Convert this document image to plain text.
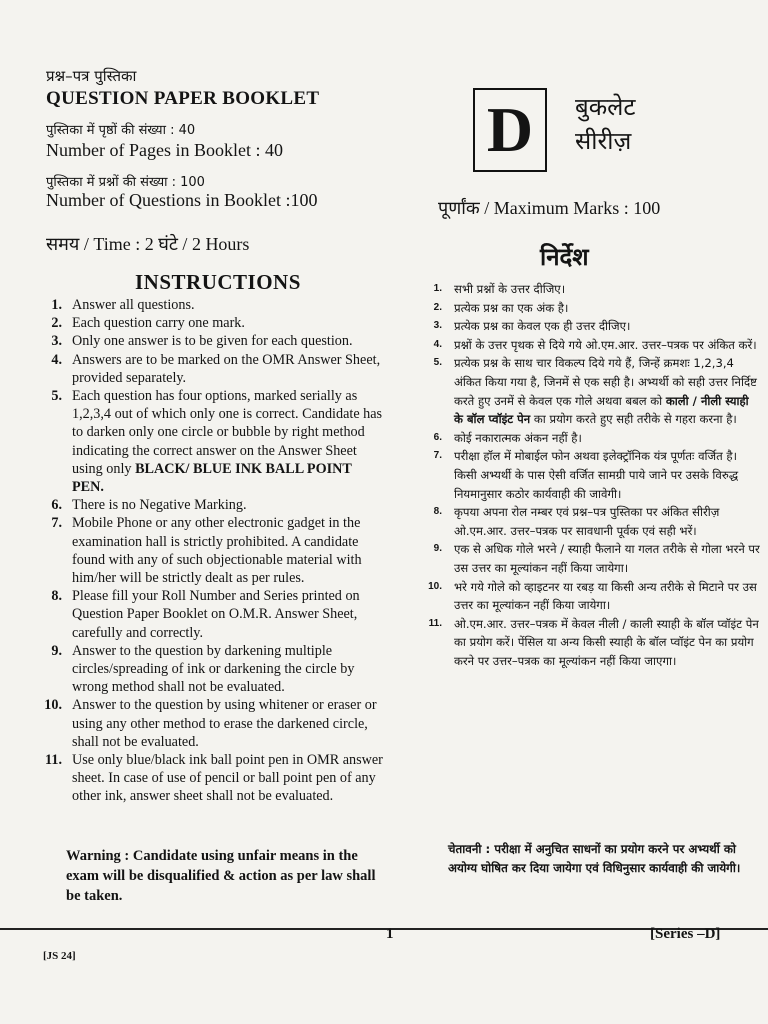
प्रश्न–पत्र पुस्तिका
QUESTION PAPER BOOKLET
पुस्तिका में पृष्ठों की संख्या : 40
Number of Pages in Booklet : 40
पुस्तिका में प्रश्नों की संख्या : 100
Number of Questions in Booklet :100
समय / Time : 2 घंटे / 2 Hours
D	बुकलेट
सीरीज़
पूर्णांक / Maximum Marks : 100
INSTRUCTIONS
निर्देश
1. Answer all questions.
2. Each question carry one mark.
3. Only one answer is to be given for each question.
4. Answers are to be marked on the OMR Answer Sheet, provided separately.
5. Each question has four options, marked serially as 1,2,3,4 out of which only one is correct. Candidate has to darken only one circle or bubble by right method indicating the correct answer on the Answer Sheet using only BLACK/ BLUE INK BALL POINT PEN.
6. There is no Negative Marking.
7. Mobile Phone or any other electronic gadget in the examination hall is strictly prohibited. A candidate found with any of such objectionable material with him/her will be strictly dealt as per rules.
8. Please fill your Roll Number and Series printed on Question Paper Booklet on O.M.R. Answer Sheet, carefully and correctly.
9. Answer to the question by darkening multiple circles/spreading of ink or darkening the circle by wrong method shall not be evaluated.
10. Answer to the question by using whitener or eraser or using any other method to erase the darkened circle, shall not be evaluated.
11. Use only blue/black ink ball point pen in OMR answer sheet. In case of use of pencil or ball point pen of any other ink, answer sheet shall not be evaluated.
Warning : Candidate using unfair means in the exam will be disqualified & action as per law shall be taken.
1. सभी प्रश्नों के उत्तर दीजिए।
2. प्रत्येक प्रश्न का एक अंक है।
3. प्रत्येक प्रश्न का केवल एक ही उत्तर दीजिए।
4. प्रश्नों के उत्तर पृथक से दिये गये ओ.एम.आर. उत्तर–पत्रक पर अंकित करें।
5. प्रत्येक प्रश्न के साथ चार विकल्प दिये गये हैं, जिन्हें क्रमशः 1,2,3,4 अंकित किया गया है, जिनमें से एक सही है। अभ्यर्थी को सही उत्तर निर्दिष्ट करते हुए उनमें से केवल एक गोले अथवा बबल को काली / नीली स्याही के बॉल प्वॉइंट पेन का प्रयोग करते हुए सही तरीके से गहरा करना है।
6. कोई नकारात्मक अंकन नहीं है।
7. परीक्षा हॉल में मोबाईल फोन अथवा इलेक्ट्रॉनिक यंत्र पूर्णतः वर्जित है। किसी अभ्यर्थी के पास ऐसी वर्जित सामग्री पाये जाने पर उसके विरुद्ध नियमानुसार कठोर कार्यवाही की जावेगी।
8. कृपया अपना रोल नम्बर एवं प्रश्न–पत्र पुस्तिका पर अंकित सीरीज़ ओ.एम.आर. उत्तर–पत्रक पर सावधानी पूर्वक एवं सही भरें।
9. एक से अधिक गोले भरने / स्याही फैलाने या गलत तरीके से गोला भरने पर उस उत्तर का मूल्यांकन नहीं किया जायेगा।
10. भरे गये गोले को व्हाइटनर या रबड़ या किसी अन्य तरीके से मिटाने पर उस उत्तर का मूल्यांकन नहीं किया जायेगा।
11. ओ.एम.आर. उत्तर–पत्रक में केवल नीली / काली स्याही के बॉल प्वॉइंट पेन का प्रयोग करें। पेंसिल या अन्य किसी स्याही के बॉल प्वॉइंट पेन का प्रयोग करने पर उत्तर–पत्रक का मूल्यांकन नहीं किया जाएगा।
चेतावनी : परीक्षा में अनुचित साधनों का प्रयोग करने पर अभ्यर्थी को अयोग्य घोषित कर दिया जायेगा एवं विधिनुसार कार्यवाही की जायेगी।
1	[Series –D]
[JS 24]
